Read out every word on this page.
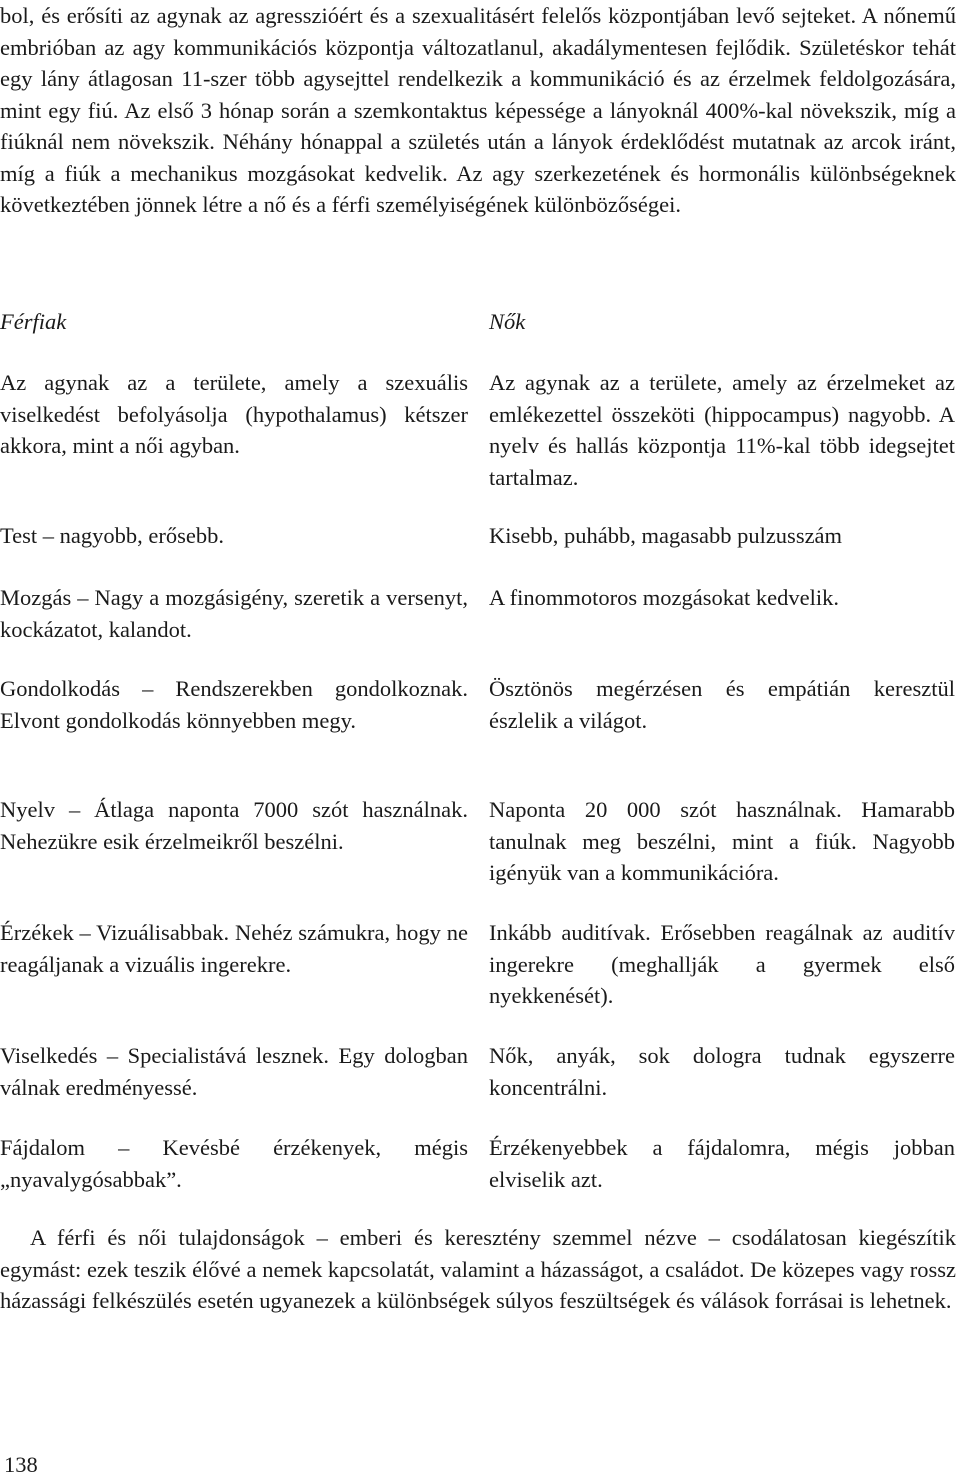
bol, és erősíti az agynak az agresszióért és a szexualitásért felelős központjában levő sejteket. A nőnemű embrióban az agy kommunikációs központja változatlanul, akadálymentesen fejlődik. Születéskor tehát egy lány átlagosan 11-szer több agysejttel rendelkezik a kommunikáció és az érzelmek feldolgozására, mint egy fiú. Az első 3 hónap során a szemkontaktus képessége a lányoknál 400%-kal növekszik, míg a fiúknál nem növekszik. Néhány hónappal a születés után a lányok érdeklődést mutatnak az arcok iránt, míg a fiúk a mechanikus mozgásokat kedvelik. Az agy szerkezetének és hormonális különbségeknek következtében jönnek létre a nő és a férfi személyiségének különbözőségei.

Férfiak	Nők

Az agynak az a területe, amely a szexuális viselkedést befolyásolja (hypothalamus) kétszer akkora, mint a női agyban.

Az agynak az a területe, amely az érzelmeket az emlékezettel összeköti (hippocampus) nagyobb. A nyelv és hallás központja 11%-kal több idegsejtet tartalmaz.

Test – nagyobb, erősebb.	Kisebb, puhább, magasabb pulzusszám

Mozgás – Nagy a mozgásigény, szeretik a versenyt, kockázatot, kalandot.

A finommotoros mozgásokat kedvelik.

Gondolkodás – Rendszerekben gondolkoznak. Elvont gondolkodás könnyebben megy.

Ösztönös megérzésen és empátián keresztül észlelik a világot.

Nyelv – Átlaga naponta 7000 szót használnak. Nehezükre esik érzelmeikről beszélni.

Naponta 20 000 szót használnak. Hamarabb tanulnak meg beszélni, mint a fiúk. Nagyobb igényük van a kommunikációra.

Érzékek – Vizuálisabbak. Nehéz számukra, hogy ne reagáljanak a vizuális ingerekre.

Inkább auditívak. Erősebben reagálnak az auditív ingerekre (meghallják a gyermek első nyekkenését).

Viselkedés – Specialistává lesznek. Egy dologban válnak eredményessé.

Nők, anyák, sok dologra tudnak egyszerre koncentrálni.

Fájdalom – Kevésbé érzékenyek, mégis „nyavalygósabbak”.

Érzékenyebbek a fájdalomra, mégis jobban elviselik azt.

A férfi és női tulajdonságok – emberi és keresztény szemmel nézve – csodálatosan kiegészítik egymást: ezek teszik élővé a nemek kapcsolatát, valamint a házasságot, a családot. De közepes vagy rossz házassági felkészülés esetén ugyanezek a különbségek súlyos feszültségek és válások forrásai is lehetnek.

138
